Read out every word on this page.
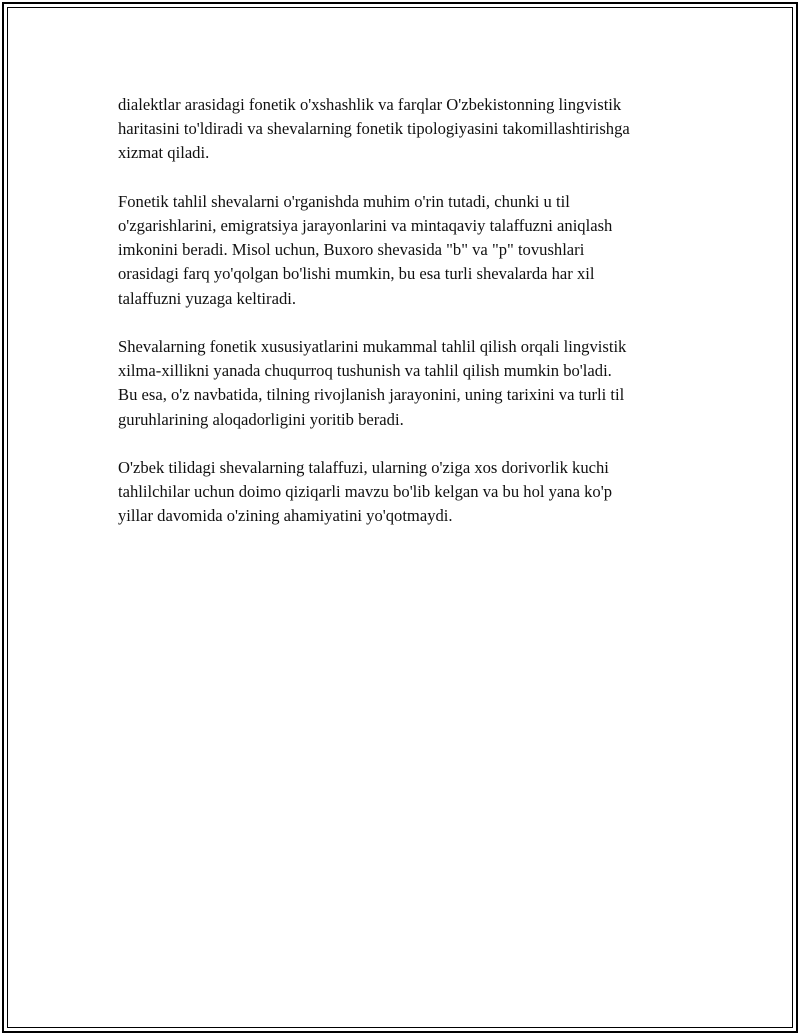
dialektlar arasidagi fonetik o'xshashlik va farqlar O'zbekistonning lingvistik
haritasini to'ldiradi va shevalarning fonetik tipologiyasini takomillashtirishga
xizmat qiladi.

Fonetik tahlil shevalarni o'rganishda muhim o'rin tutadi, chunki u til
o'zgarishlarini, emigratsiya jarayonlarini va mintaqaviy talaffuzni aniqlash
imkonini beradi. Misol uchun, Buxoro shevasida "b" va "p" tovushlari
orasidagi farq yo'qolgan bo'lishi mumkin, bu esa turli shevalarda har xil
talaffuzni yuzaga keltiradi.

Shevalarning fonetik xususiyatlarini mukammal tahlil qilish orqali lingvistik
xilma-xillikni yanada chuqurroq tushunish va tahlil qilish mumkin bo'ladi.
Bu esa, o'z navbatida, tilning rivojlanish jarayonini, uning tarixini va turli til
guruhlarining aloqadorligini yoritib beradi.

O'zbek tilidagi shevalarning talaffuzi, ularning o'ziga xos dorivorlik kuchi
tahlilchilar uchun doimo qiziqarli mavzu bo'lib kelgan va bu hol yana ko'p
yillar davomida o'zining ahamiyatini yo'qotmaydi.
